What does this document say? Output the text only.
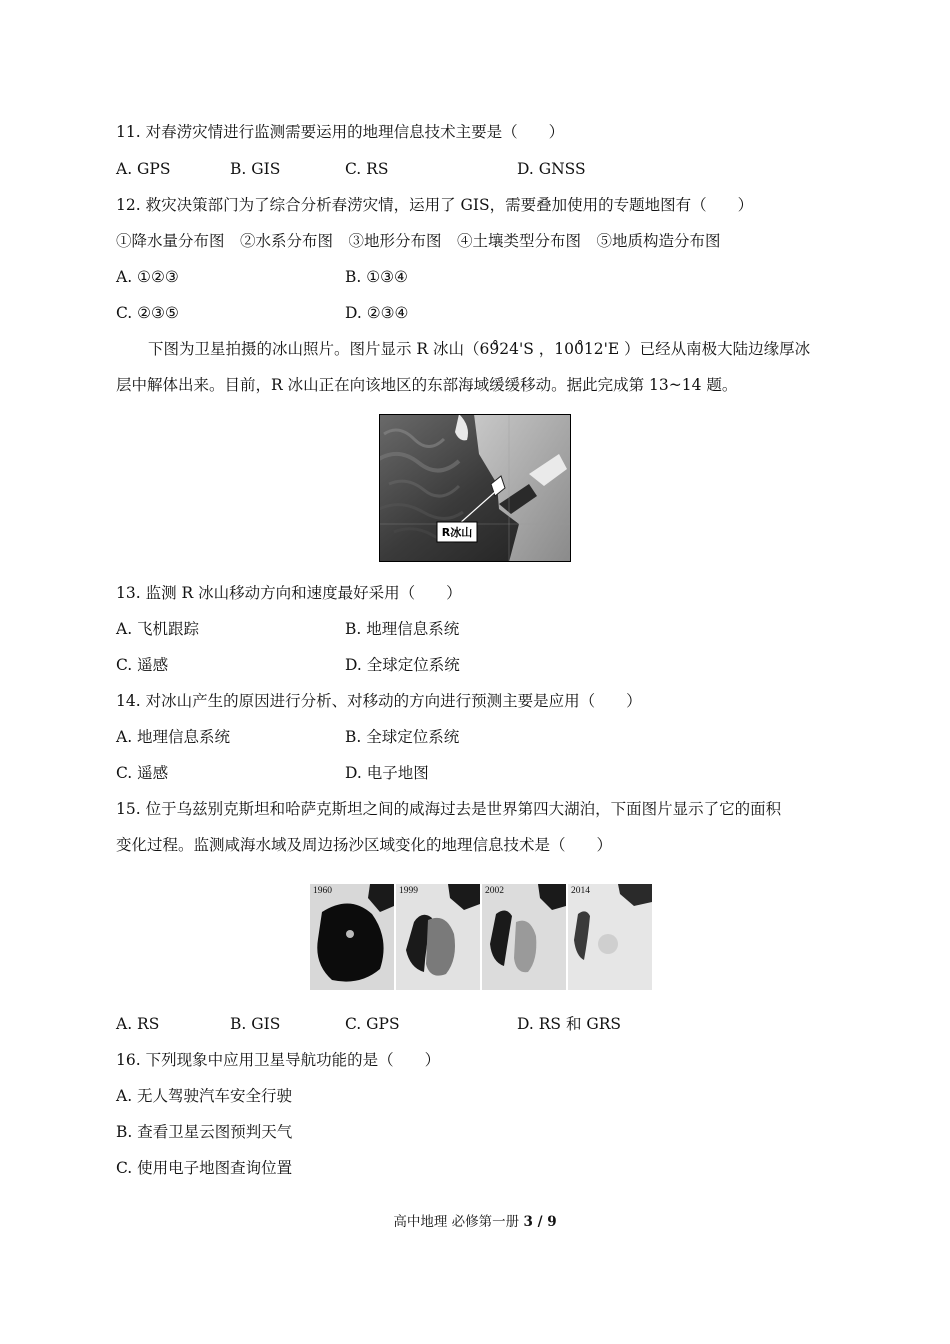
11. 对春涝灾情进行监测需要运用的地理信息技术主要是（　　）
A. GPS	B. GIS	C. RS	D. GNSS
12. 救灾决策部门为了综合分析春涝灾情，运用了 GIS，需要叠加使用的专题地图有（　　）
①降水量分布图　②水系分布图　③地形分布图　④土壤类型分布图　⑤地质构造分布图
A. ①②③	B. ①③④
C. ②③⑤	D. ②③④
下图为卫星拍摄的冰山照片。图片显示 R 冰山（69̊24'S ，100̊12'E ）已经从南极大陆边缘厚冰
层中解体出来。目前，R 冰山正在向该地区的东部海域缓缓移动。据此完成第 13~14 题。
R冰山
13. 监测 R 冰山移动方向和速度最好采用（　　）
A. 飞机跟踪	B. 地理信息系统
C. 遥感	D. 全球定位系统
14. 对冰山产生的原因进行分析、对移动的方向进行预测主要是应用（　　）
A. 地理信息系统	B. 全球定位系统
C. 遥感	D. 电子地图
15. 位于乌兹别克斯坦和哈萨克斯坦之间的咸海过去是世界第四大湖泊，下面图片显示了它的面积
变化过程。监测咸海水域及周边扬沙区域变化的地理信息技术是（　　）
1960	1999	2002	2014
A. RS	B. GIS	C. GPS	D. RS 和 GRS
16. 下列现象中应用卫星导航功能的是（　　）
A. 无人驾驶汽车安全行驶
B. 查看卫星云图预判天气
C. 使用电子地图查询位置
高中地理 必修第一册 3 / 9
